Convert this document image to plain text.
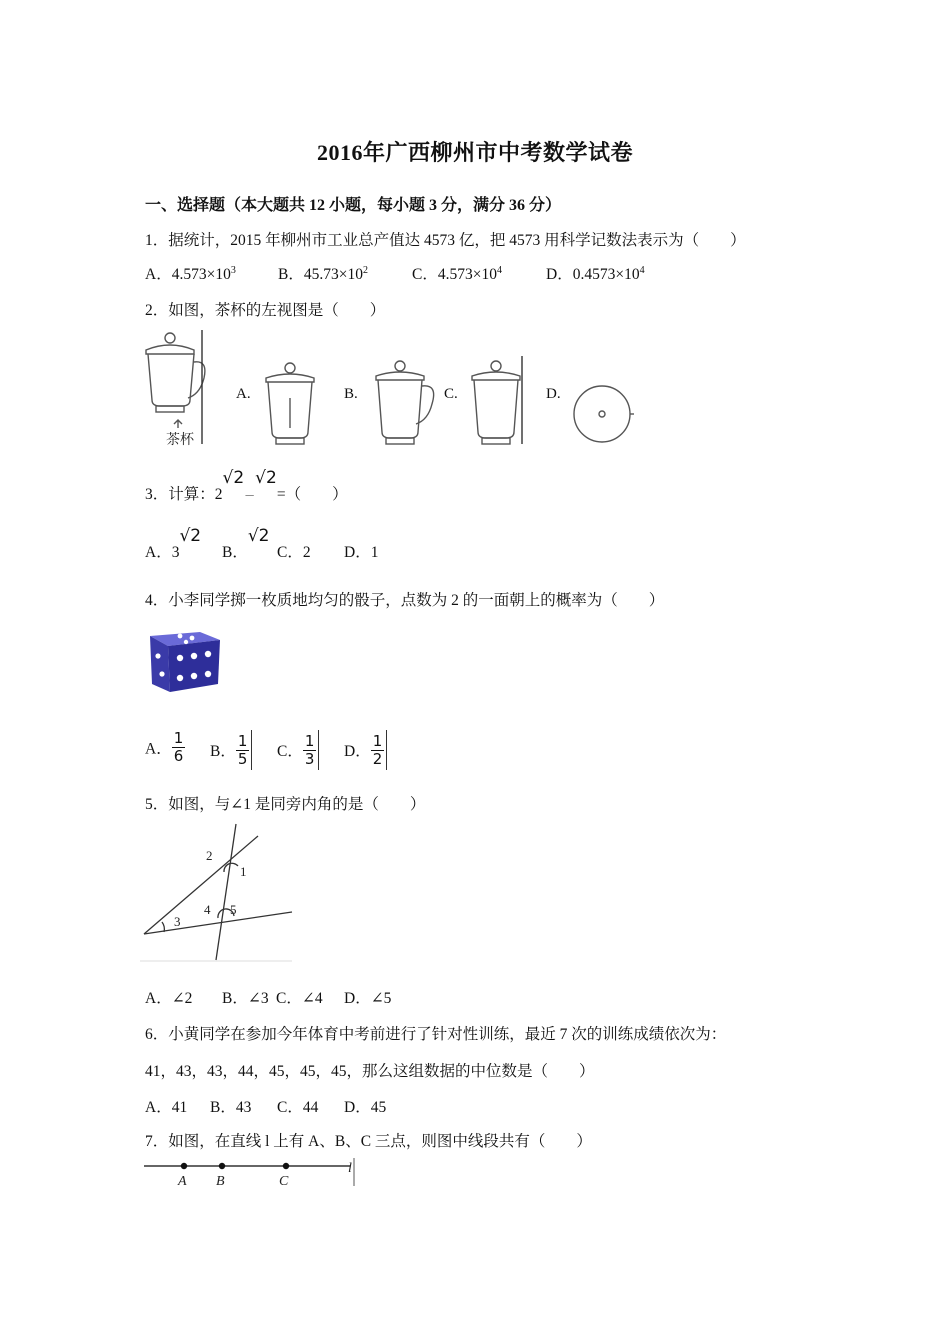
2016年广西柳州市中考数学试卷
一、选择题（本大题共 12 小题，每小题 3 分，满分 36 分）
1．据统计，2015 年柳州市工业总产值达 4573 亿，把 4573 用科学记数法表示为（　　）
A．$4.573\times 10^3$	B．$45.73\times 10^2$	C．$4.573\times 10^4$	D．$0.4573\times 10^4$
2．如图，茶杯的左视图是（　　）
茶杯
A.	B.	C.	D.
3．计算：$2√2_-√2=$（　　）
A．3√2
B．√2
C．2 D．1
4．小李同学掷一枚质地均匀的骰子，点数为 2 的一面朝上的概率为（　　）
A． $\frac{1}{6}$ B． $\frac{1}{5}$ C． $\frac{1}{3}$ D． $\frac{1}{2}$
5．如图，与∠1 是同旁内角的是（　　）
1
2
3
4 5
A．∠2 B．∠3 C．∠4 D．∠5
6．小黄同学在参加今年体育中考前进行了针对性训练，最近 7 次的训练成绩依次为：
41，43，43，44，45，45，45，那么这组数据的中位数是（　　）
A．41 B．43 C．44 D．45
7．如图，在直线 l 上有 A、B、C 三点，则图中线段共有（　　）
A B	C
l
